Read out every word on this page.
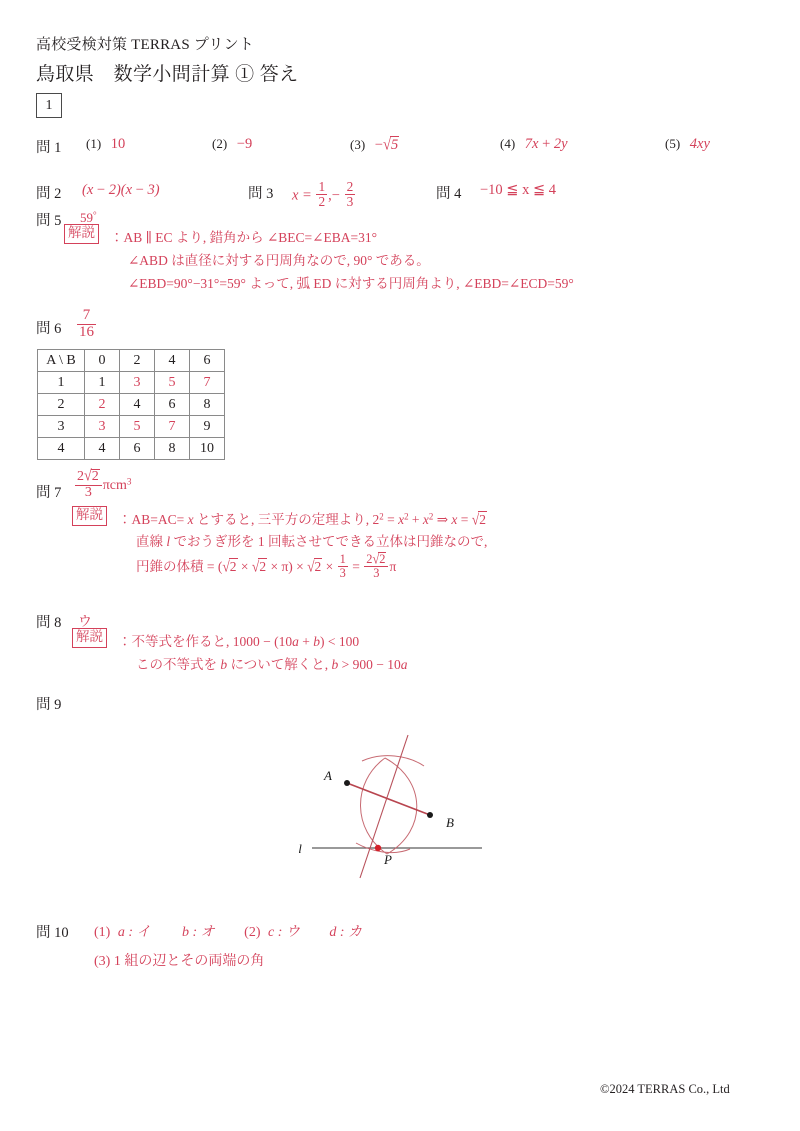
高校受検対策 TERRAS プリント
鳥取県　数学小問計算 ① 答え
1
問 1 (1) 10	(2) −9	(3) −√5	(4) 7x + 2y	(5) 4xy
問 2 (x − 2)(x − 3)	問 3 $x = \frac{1}{2}$ ,− $\frac{2}{3}$	問 4 −10 ≦ x ≦ 4
問 5 59°
解説 ：AB ∥ EC より, 錯角から ∠BEC=∠EBA=31°
∠ABD は直径に対する円周角なので, 90° である。
∠EBD=90°−31°=59° よって, 弧 ED に対する円周角より, ∠EBD=∠ECD=59°
問 $6 \frac{7}{16}$
A \ B	0	2	4	6
1	1	3	5	7
2	2	4	6	8
3	3	5	7	9
4	4	6	8	10
問 $7 \frac{2√2}{3} \pi cm^3$
解説 ：AB=AC= x とすると, 三平方の定理より, $2^2 = x^2 + x^2$ ⇒ x = √2
直線 l でおうぎ形を 1 回転させてできる立体は円錐なので,
円錐の体積 = $(√2 \times √2 \times \pi) \times √2 \times \frac{1}{3} = \frac{2√2}{3}$ π
問 8 ウ
解説 ：不等式を作ると, 1000 − (10a + b) < 100
この不等式を b について解くと, b > 900 − 10a
問 9
A
B
P
l
問 10 (1) a : イ b : オ (2) c : ウ d : カ
(3) 1 組の辺とその両端の角
©2024 TERRAS Co., Ltd
